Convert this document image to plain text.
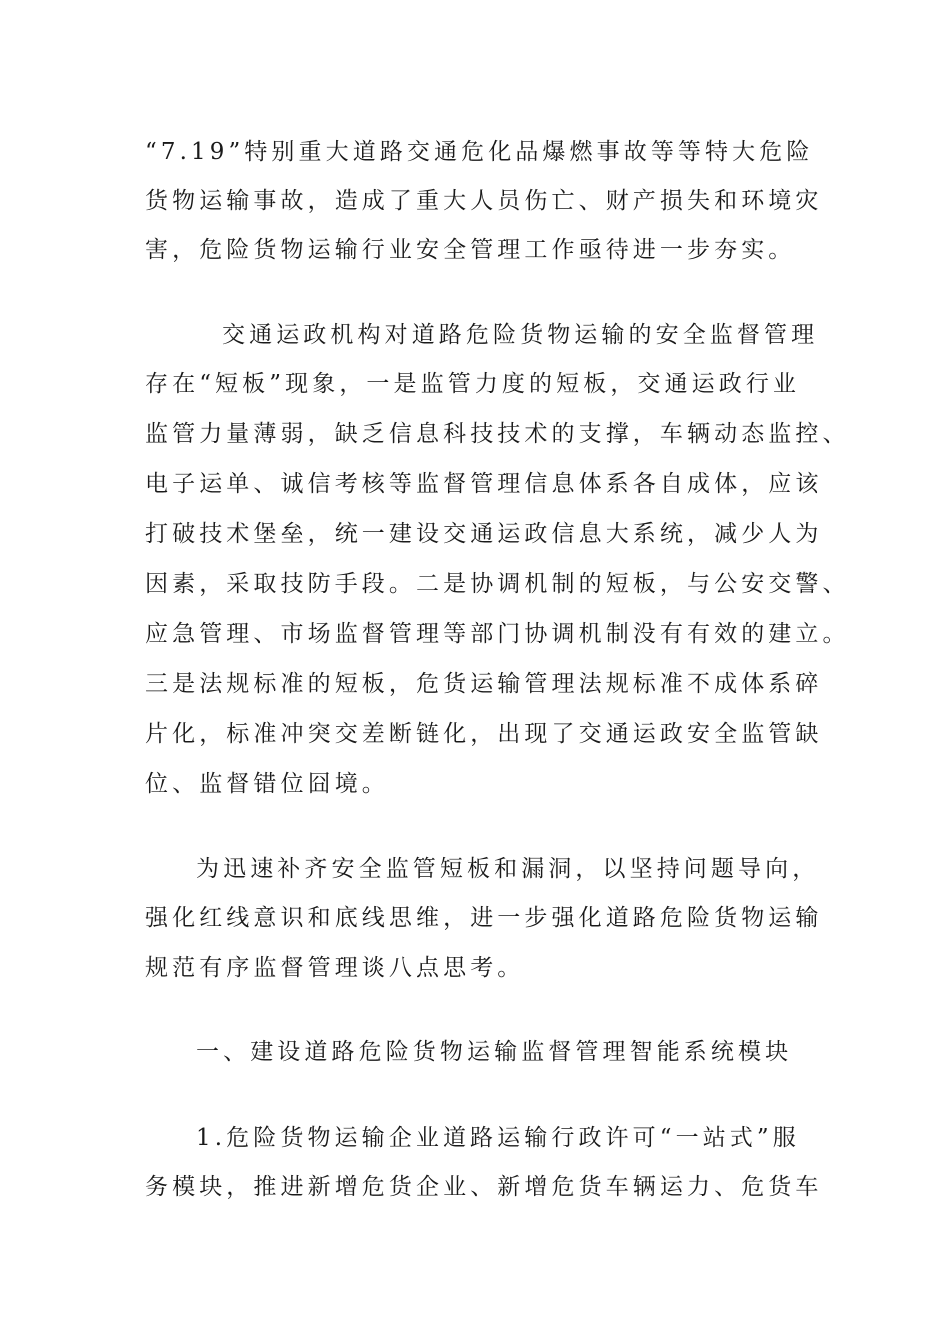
“7.19”特别重大道路交通危化品爆燃事故等等特大危险
货物运输事故，造成了重大人员伤亡、财产损失和环境灾
害，危险货物运输行业安全管理工作亟待进一步夯实。
交通运政机构对道路危险货物运输的安全监督管理
存在“短板”现象，一是监管力度的短板，交通运政行业
监管力量薄弱，缺乏信息科技技术的支撑，车辆动态监控、
电子运单、诚信考核等监督管理信息体系各自成体，应该
打破技术堡垒，统一建设交通运政信息大系统，减少人为
因素，采取技防手段。二是协调机制的短板，与公安交警、
应急管理、市场监督管理等部门协调机制没有有效的建立。
三是法规标准的短板，危货运输管理法规标准不成体系碎
片化，标准冲突交差断链化，出现了交通运政安全监管缺
位、监督错位囧境。
为迅速补齐安全监管短板和漏洞，以坚持问题导向，
强化红线意识和底线思维，进一步强化道路危险货物运输
规范有序监督管理谈八点思考。
一、建设道路危险货物运输监督管理智能系统模块
1.危险货物运输企业道路运输行政许可“一站式”服
务模块，推进新增危货企业、新增危货车辆运力、危货车
